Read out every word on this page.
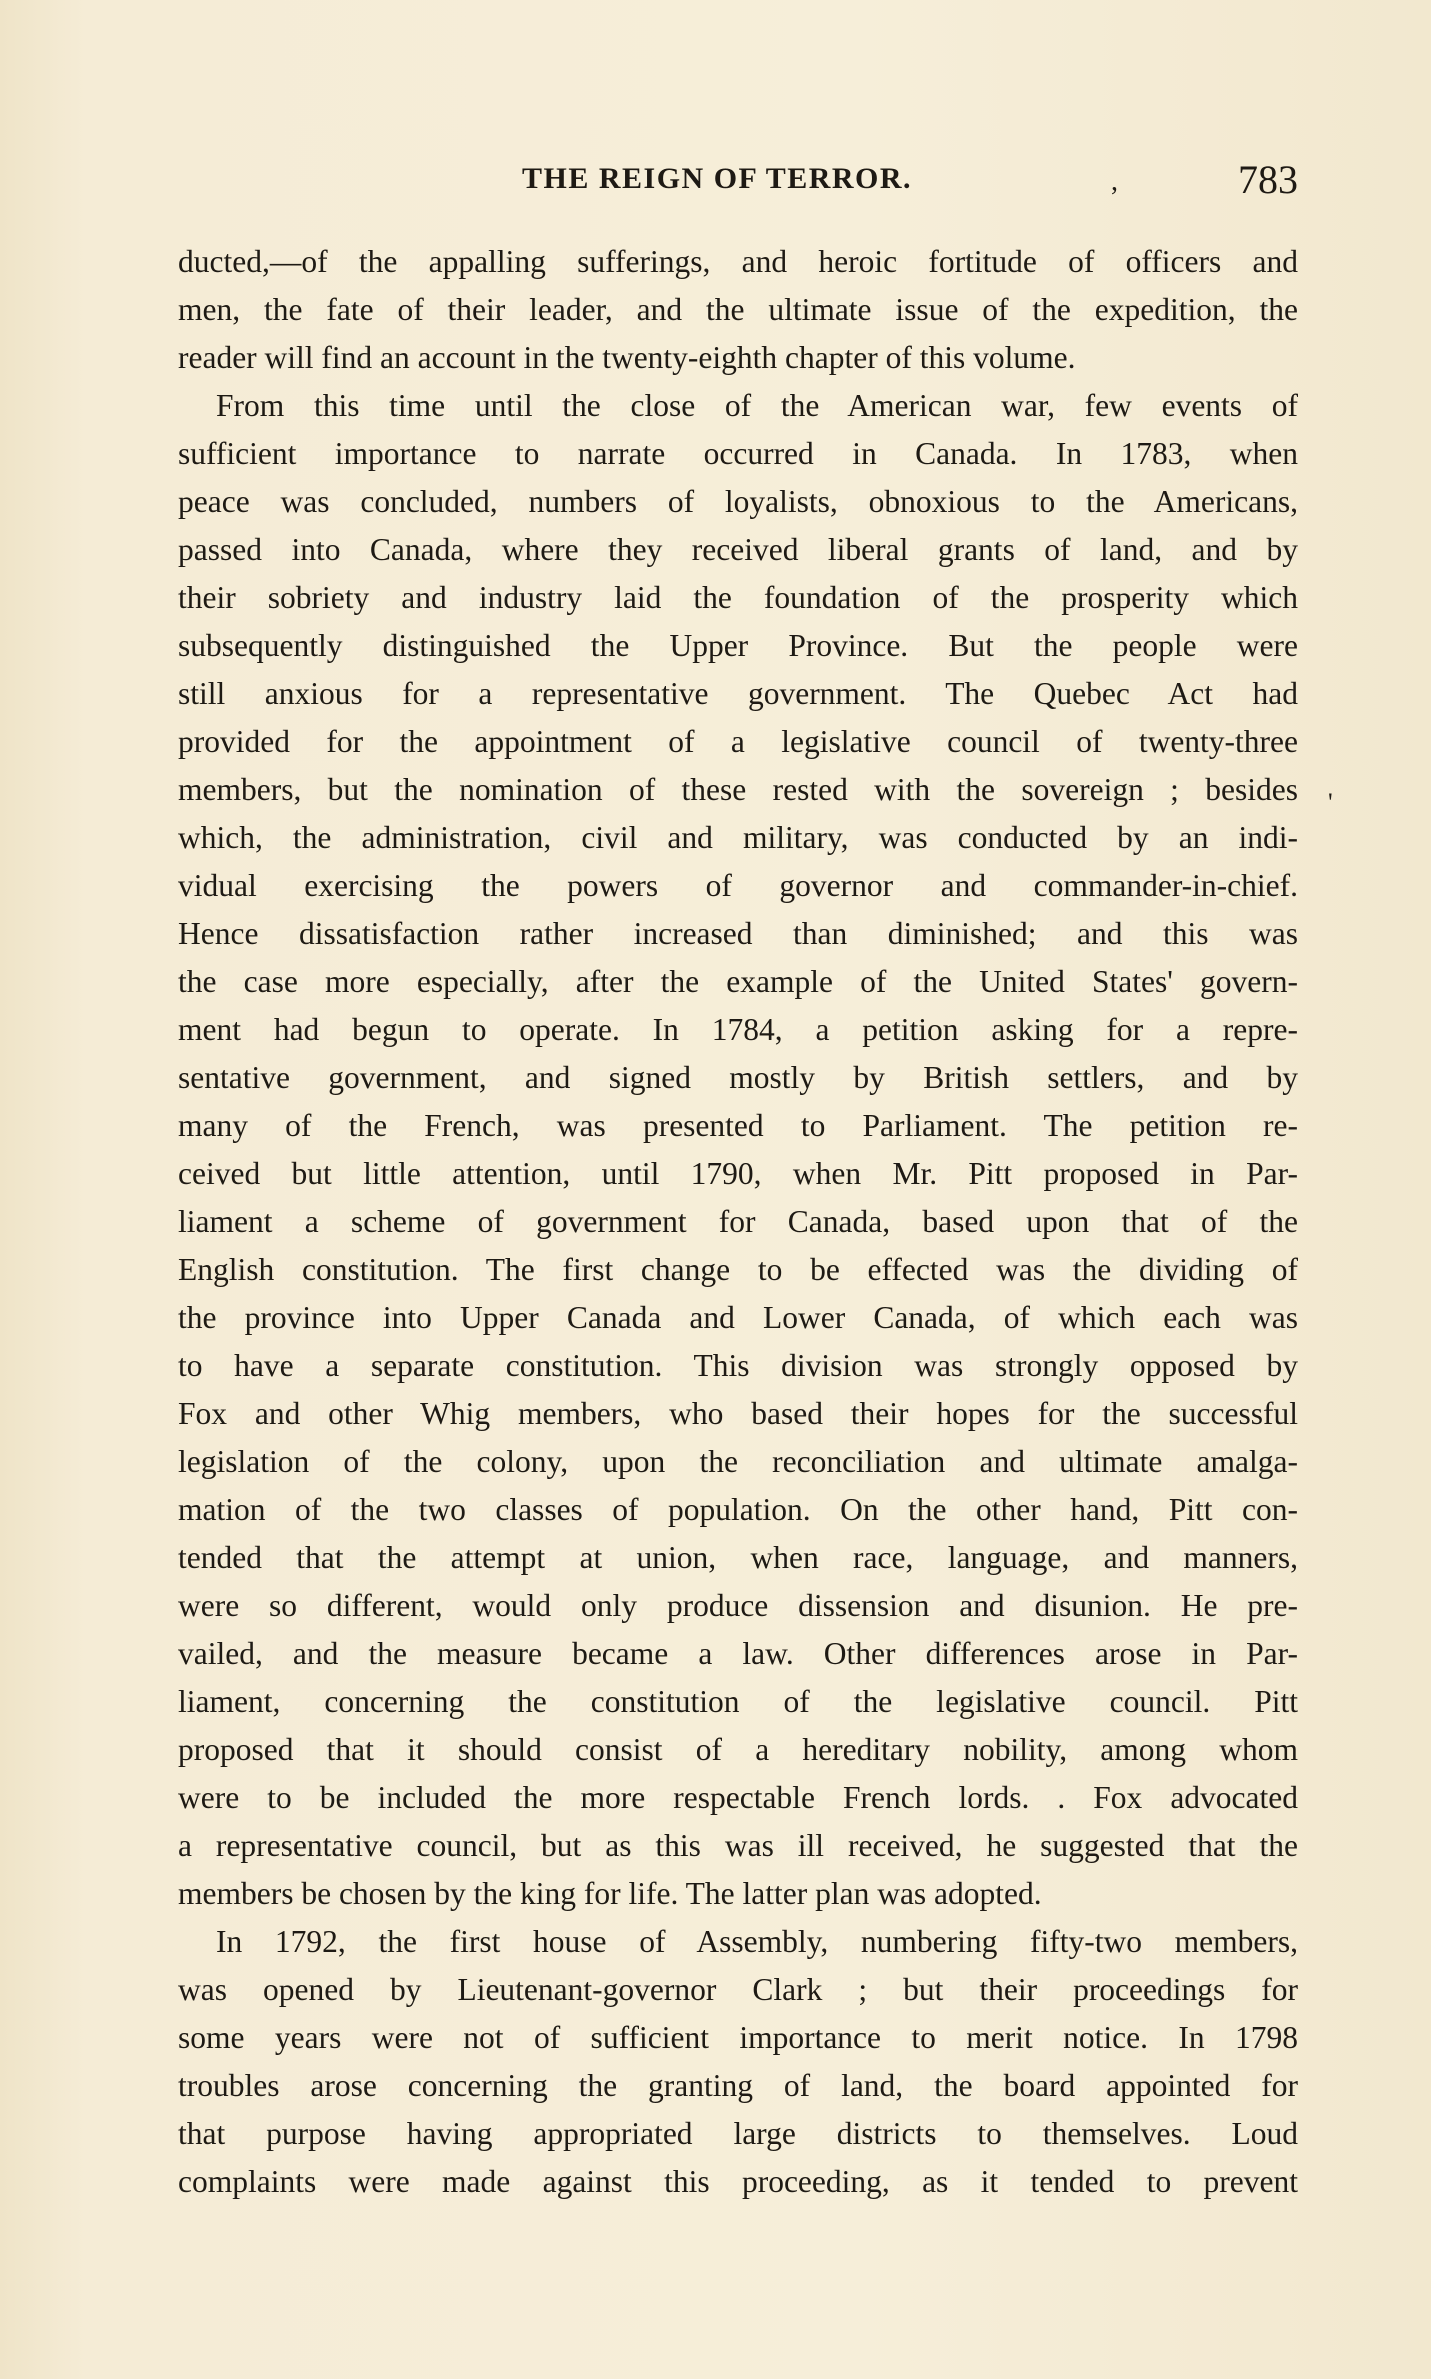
THE REIGN OF TERROR.	,	783
ducted,—of the appalling sufferings, and heroic fortitude of officers and
men, the fate of their leader, and the ultimate issue of the expedition, the
reader will find an account in the twenty-eighth chapter of this volume.
From this time until the close of the American war, few events of
sufficient importance to narrate occurred in Canada. In 1783, when
peace was concluded, numbers of loyalists, obnoxious to the Americans,
passed into Canada, where they received liberal grants of land, and by
their sobriety and industry laid the foundation of the prosperity which
subsequently distinguished the Upper Province. But the people were
still anxious for a representative government. The Quebec Act had
provided for the appointment of a legislative council of twenty-three
members, but the nomination of these rested with the sovereign ; besides
which, the administration, civil and military, was conducted by an indi-
vidual exercising the powers of governor and commander-in-chief.
Hence dissatisfaction rather increased than diminished; and this was
the case more especially, after the example of the United States' govern-
ment had begun to operate. In 1784, a petition asking for a repre-
sentative government, and signed mostly by British settlers, and by
many of the French, was presented to Parliament. The petition re-
ceived but little attention, until 1790, when Mr. Pitt proposed in Par-
liament a scheme of government for Canada, based upon that of the
English constitution. The first change to be effected was the dividing of
the province into Upper Canada and Lower Canada, of which each was
to have a separate constitution. This division was strongly opposed by
Fox and other Whig members, who based their hopes for the successful
legislation of the colony, upon the reconciliation and ultimate amalga-
mation of the two classes of population. On the other hand, Pitt con-
tended that the attempt at union, when race, language, and manners,
were so different, would only produce dissension and disunion. He pre-
vailed, and the measure became a law. Other differences arose in Par-
liament, concerning the constitution of the legislative council. Pitt
proposed that it should consist of a hereditary nobility, among whom
were to be included the more respectable French lords. . Fox advocated
a representative council, but as this was ill received, he suggested that the
members be chosen by the king for life. The latter plan was adopted.
In 1792, the first house of Assembly, numbering fifty-two members,
was opened by Lieutenant-governor Clark ; but their proceedings for
some years were not of sufficient importance to merit notice. In 1798
troubles arose concerning the granting of land, the board appointed for
that purpose having appropriated large districts to themselves. Loud
complaints were made against this proceeding, as it tended to prevent
'
